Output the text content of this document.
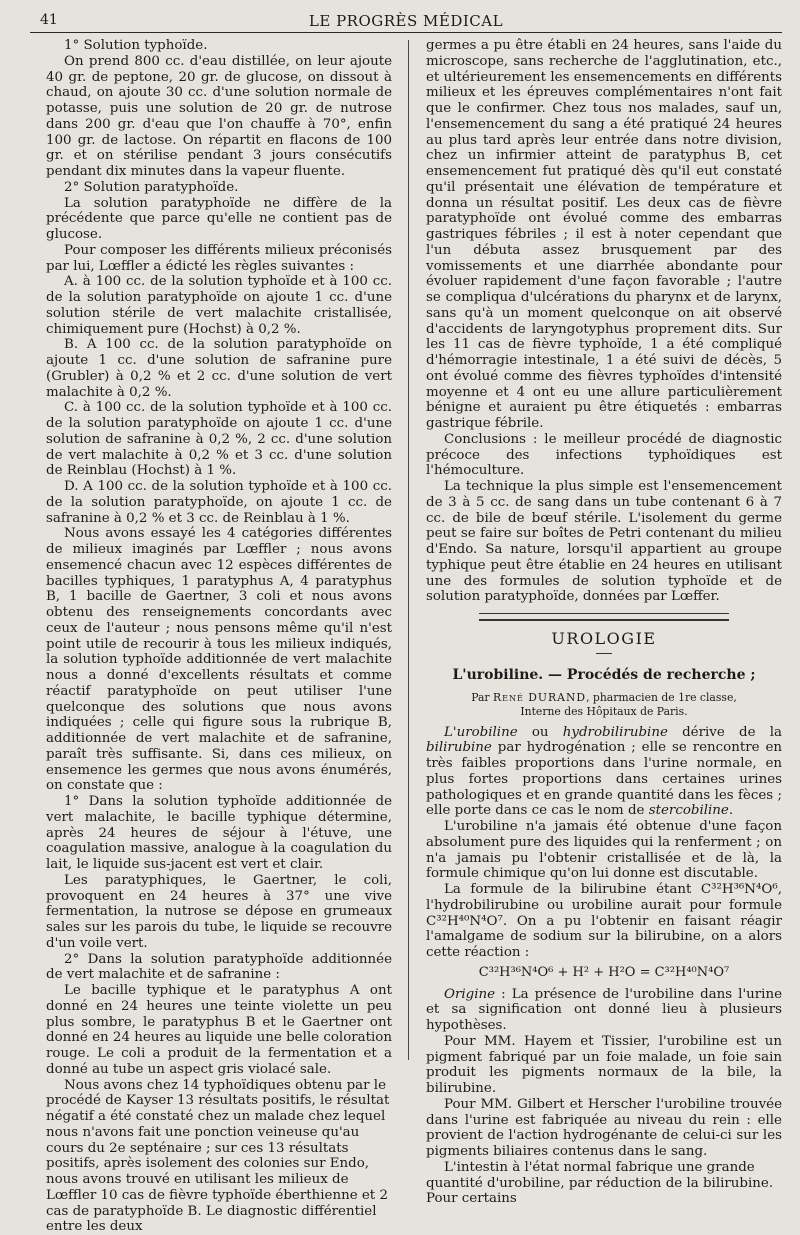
41	LE PROGRÈS MÉDICAL

1° Solution typhoïde.

On prend 800 cc. d'eau distillée, on leur ajoute 40 gr. de peptone, 20 gr. de glucose, on dissout à chaud, on ajoute 30 cc. d'une solution normale de potasse, puis une solution de 20 gr. de nutrose dans 200 gr. d'eau que l'on chauffe à 70°, enfin 100 gr. de lactose. On répartit en flacons de 100 gr. et on stérilise pendant 3 jours consécutifs pendant dix minutes dans la vapeur fluente.

2° Solution paratyphoïde.

La solution paratyphoïde ne diffère de la précédente que parce qu'elle ne contient pas de glucose.

Pour composer les différents milieux préconisés par lui, Lœffler a édicté les règles suivantes :

A. à 100 cc. de la solution typhoïde et à 100 cc. de la solution paratyphoïde on ajoute 1 cc. d'une solution stérile de vert malachite cristallisée, chimiquement pure (Hochst) à 0,2 %.

B. A 100 cc. de la solution paratyphoïde on ajoute 1 cc. d'une solution de safranine pure (Grubler) à 0,2 % et 2 cc. d'une solution de vert malachite à 0,2 %.

C. à 100 cc. de la solution typhoïde et à 100 cc. de la solution paratyphoïde on ajoute 1 cc. d'une solution de safranine à 0,2 %, 2 cc. d'une solution de vert malachite à 0,2 % et 3 cc. d'une solution de Reinblau (Hochst) à 1 %.

D. A 100 cc. de la solution typhoïde et à 100 cc. de la solution paratyphoïde, on ajoute 1 cc. de safranine à 0,2 % et 3 cc. de Reinblau à 1 %.

Nous avons essayé les 4 catégories différentes de milieux imaginés par Lœffler ; nous avons ensemencé chacun avec 12 espèces différentes de bacilles typhiques, 1 paratyphus A, 4 paratyphus B, 1 bacille de Gaertner, 3 coli et nous avons obtenu des renseignements concordants avec ceux de l'auteur ; nous pensons même qu'il n'est point utile de recourir à tous les milieux indiqués, la solution typhoïde additionnée de vert malachite nous a donné d'excellents résultats et comme réactif paratyphoïde on peut utiliser l'une quelconque des solutions que nous avons indiquées ; celle qui figure sous la rubrique B, additionnée de vert malachite et de safranine, paraît très suffisante. Si, dans ces milieux, on ensemence les germes que nous avons énumérés, on constate que :

1° Dans la solution typhoïde additionnée de vert malachite, le bacille typhique détermine, après 24 heures de séjour à l'étuve, une coagulation massive, analogue à la coagulation du lait, le liquide sus-jacent est vert et clair.

Les paratyphiques, le Gaertner, le coli, provoquent en 24 heures à 37° une vive fermentation, la nutrose se dépose en grumeaux sales sur les parois du tube, le liquide se recouvre d'un voile vert.

2° Dans la solution paratyphoïde additionnée de vert malachite et de safranine :

Le bacille typhique et le paratyphus A ont donné en 24 heures une teinte violette un peu plus sombre, le paratyphus B et le Gaertner ont donné en 24 heures au liquide une belle coloration rouge. Le coli a produit de la fermentation et a donné au tube un aspect gris violacé sale.

Nous avons chez 14 typhoïdiques obtenu par le procédé de Kayser 13 résultats positifs, le résultat négatif a été constaté chez un malade chez lequel nous n'avons fait une ponction veineuse qu'au cours du 2e septénaire ; sur ces 13 résultats positifs, après isolement des colonies sur Endo, nous avons trouvé en utilisant les milieux de Lœffler 10 cas de fièvre typhoïde éberthienne et 2 cas de paratyphoïde B. Le diagnostic différentiel entre les deux

germes a pu être établi en 24 heures, sans l'aide du microscope, sans recherche de l'agglutination, etc., et ultérieurement les ensemencements en différents milieux et les épreuves complémentaires n'ont fait que le confirmer. Chez tous nos malades, sauf un, l'ensemencement du sang a été pratiqué 24 heures au plus tard après leur entrée dans notre division, chez un infirmier atteint de paratyphus B, cet ensemencement fut pratiqué dès qu'il eut constaté qu'il présentait une élévation de température et donna un résultat positif. Les deux cas de fièvre paratyphoïde ont évolué comme des embarras gastriques fébriles ; il est à noter cependant que l'un débuta assez brusquement par des vomissements et une diarrhée abondante pour évoluer rapidement d'une façon favorable ; l'autre se compliqua d'ulcérations du pharynx et de larynx, sans qu'à un moment quelconque on ait observé d'accidents de laryngotyphus proprement dits. Sur les 11 cas de fièvre typhoïde, 1 a été compliqué d'hémorragie intestinale, 1 a été suivi de décès, 5 ont évolué comme des fièvres typhoïdes d'intensité moyenne et 4 ont eu une allure particulièrement bénigne et auraient pu être étiquetés : embarras gastrique fébrile.

Conclusions : le meilleur procédé de diagnostic précoce des infections typhoïdiques est l'hémoculture.

La technique la plus simple est l'ensemencement de 3 à 5 cc. de sang dans un tube contenant 6 à 7 cc. de bile de bœuf stérile. L'isolement du germe peut se faire sur boîtes de Petri contenant du milieu d'Endo. Sa nature, lorsqu'il appartient au groupe typhique peut être établie en 24 heures en utilisant une des formules de solution typhoïde et de solution paratyphoïde, données par Lœffer.

UROLOGIE
L'urobiline. — Procédés de recherche ;
Par René DURAND, pharmacien de 1re classe,
Interne des Hôpitaux de Paris.

L'urobiline ou hydrobilirubine dérive de la bilirubine par hydrogénation ; elle se rencontre en très faibles proportions dans l'urine normale, en plus fortes proportions dans certaines urines pathologiques et en grande quantité dans les fèces ; elle porte dans ce cas le nom de stercobiline.

L'urobiline n'a jamais été obtenue d'une façon absolument pure des liquides qui la renferment ; on n'a jamais pu l'obtenir cristallisée et de là, la formule chimique qu'on lui donne est discutable.

La formule de la bilirubine étant C³²H³⁶N⁴O⁶, l'hydrobilirubine ou urobiline aurait pour formule C³²H⁴⁰N⁴O⁷. On a pu l'obtenir en faisant réagir l'amalgame de sodium sur la bilirubine, on a alors cette réaction :

C³²H³⁶N⁴O⁶ + H² + H²O = C³²H⁴⁰N⁴O⁷

Origine : La présence de l'urobiline dans l'urine et sa signification ont donné lieu à plusieurs hypothèses.

Pour MM. Hayem et Tissier, l'urobiline est un pigment fabriqué par un foie malade, un foie sain produit les pigments normaux de la bile, la bilirubine.

Pour MM. Gilbert et Herscher l'urobiline trouvée dans l'urine est fabriquée au niveau du rein : elle provient de l'action hydrogénante de celui-ci sur les pigments biliaires contenus dans le sang.

L'intestin à l'état normal fabrique une grande quantité d'urobiline, par réduction de la bilirubine. Pour certains
